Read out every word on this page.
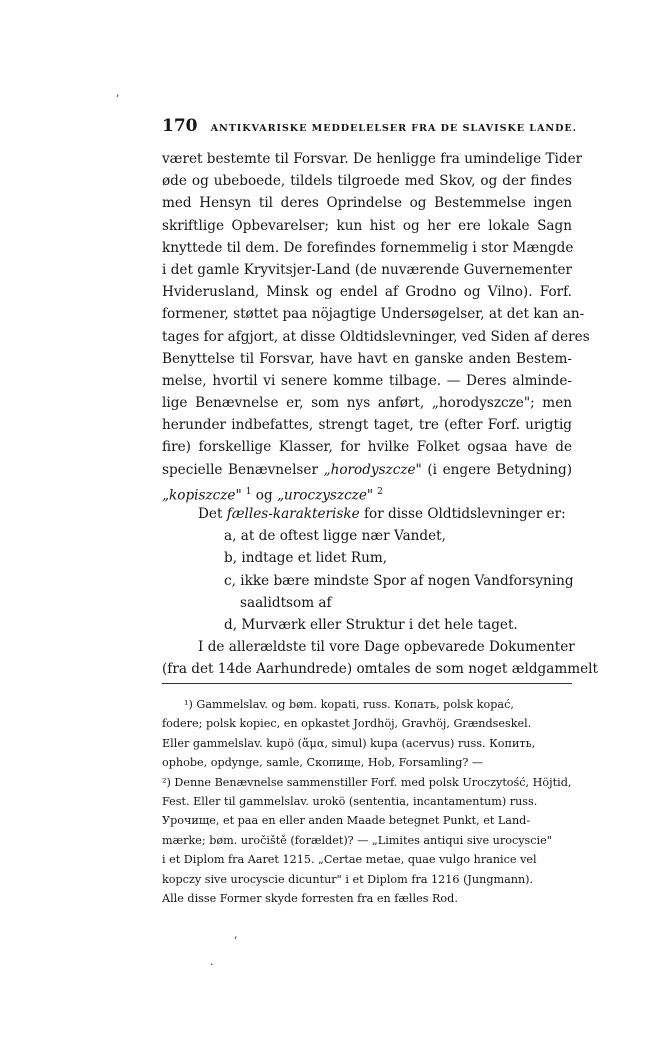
,
170 ANTIKVARISKE MEDDELELSER FRA DE SLAVISKE LANDE.
været bestemte til Forsvar. De henligge fra umindelige Tider
øde og ubeboede, tildels tilgroede med Skov, og der findes
med Hensyn til deres Oprindelse og Bestemmelse ingen
skriftlige Opbevarelser; kun hist og her ere lokale Sagn
knyttede til dem. De forefindes fornemmelig i stor Mængde
i det gamle Kryvitsjer-Land (de nuværende Guvernementer
Hviderusland, Minsk og endel af Grodno og Vilno). Forf.
formener, støttet paa nöjagtige Undersøgelser, at det kan an-
tages for afgjort, at disse Oldtidslevninger, ved Siden af deres
Benyttelse til Forsvar, have havt en ganske anden Bestem-
melse, hvortil vi senere komme tilbage. — Deres alminde-
lige Benævnelse er, som nys anført, „horodyszcze"; men
herunder indbefattes, strengt taget, tre (efter Forf. urigtig
fire) forskellige Klasser, for hvilke Folket ogsaa have de
specielle Benævnelser „horodyszcze" (i engere Betydning)
„kopiszcze" $^1$ og „uroczyszcze" $^2$
Det fælles-karakteriske for disse Oldtidslevninger er:
a, at de oftest ligge nær Vandet,
b, indtage et lidet Rum,
c, ikke bære mindste Spor af nogen Vandforsyning
saalidtsom af
d, Murværk eller Struktur i det hele taget.
I de allerældste til vore Dage opbevarede Dokumenter
(fra det 14de Aarhundrede) omtales de som noget ældgammelt
¹) Gammelslav. og bøm. kopati, russ. Копать, polsk kopać,
fodere; polsk kopiec, en opkastet Jordhöj, Gravhöj, Grændseskel.
Eller gammelslav. kupö (ἅμα, simul) kupa (acervus) russ. Копить,
ophobe, opdynge, samle, Скопище, Hob, Forsamling? —
²) Denne Benævnelse sammenstiller Forf. med polsk Uroczytość, Höjtid,
Fest. Eller til gammelslav. urokö (sententia, incantamentum) russ.
Урочище, et paa en eller anden Maade betegnet Punkt, et Land-
mærke; bøm. uročiště (forældet)? — „Limites antiqui sive urocyscie"
i et Diplom fra Aaret 1215. „Certae metae, quae vulgo hranice vel
kopczy sive urocyscie dicuntur" i et Diplom fra 1216 (Jungmann).
Alle disse Former skyde forresten fra en fælles Rod.
,
·
